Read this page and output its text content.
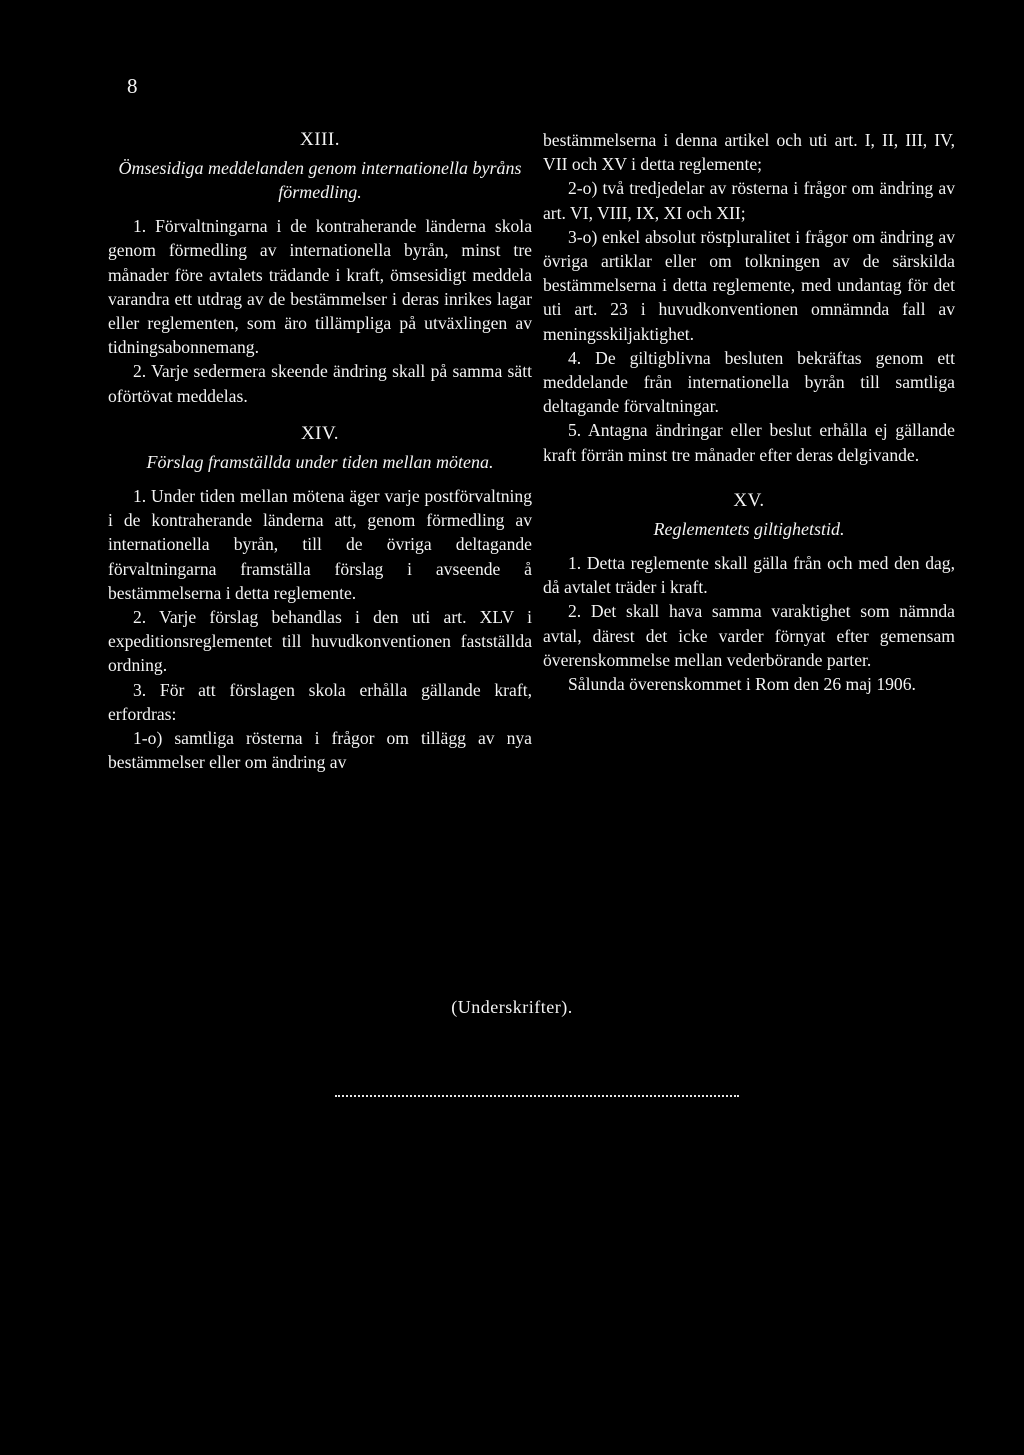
8

XIII.

Ömsesidiga meddelanden genom internationella byråns förmedling.

1. Förvaltningarna i de kontraherande länderna skola genom förmedling av internationella byrån, minst tre månader före avtalets trädande i kraft, ömsesidigt meddela varandra ett utdrag av de bestämmelser i deras inrikes lagar eller reglementen, som äro tillämpliga på utväxlingen av tidningsabonnemang.

2. Varje sedermera skeende ändring skall på samma sätt oförtövat meddelas.

XIV.

Förslag framställda under tiden mellan mötena.

1. Under tiden mellan mötena äger varje postförvaltning i de kontraherande länderna att, genom förmedling av internationella byrån, till de övriga deltagande förvaltningarna framställa förslag i avseende å bestämmelserna i detta reglemente.

2. Varje förslag behandlas i den uti art. XLV i expeditionsreglementet till huvudkonventionen fastställda ordning.

3. För att förslagen skola erhålla gällande kraft, erfordras:

1-o) samtliga rösterna i frågor om tillägg av nya bestämmelser eller om ändring av

bestämmelserna i denna artikel och uti art. I, II, III, IV, VII och XV i detta reglemente;

2-o) två tredjedelar av rösterna i frågor om ändring av art. VI, VIII, IX, XI och XII;

3-o) enkel absolut röstpluralitet i frågor om ändring av övriga artiklar eller om tolkningen av de särskilda bestämmelserna i detta reglemente, med undantag för det uti art. 23 i huvudkonventionen omnämnda fall av meningsskiljaktighet.

4. De giltigblivna besluten bekräftas genom ett meddelande från internationella byrån till samtliga deltagande förvaltningar.

5. Antagna ändringar eller beslut erhålla ej gällande kraft förrän minst tre månader efter deras delgivande.

XV.

Reglementets giltighetstid.

1. Detta reglemente skall gälla från och med den dag, då avtalet träder i kraft.

2. Det skall hava samma varaktighet som nämnda avtal, därest det icke varder förnyat efter gemensam överenskommelse mellan vederbörande parter.

Sålunda överenskommet i Rom den 26 maj 1906.

(Underskrifter).
